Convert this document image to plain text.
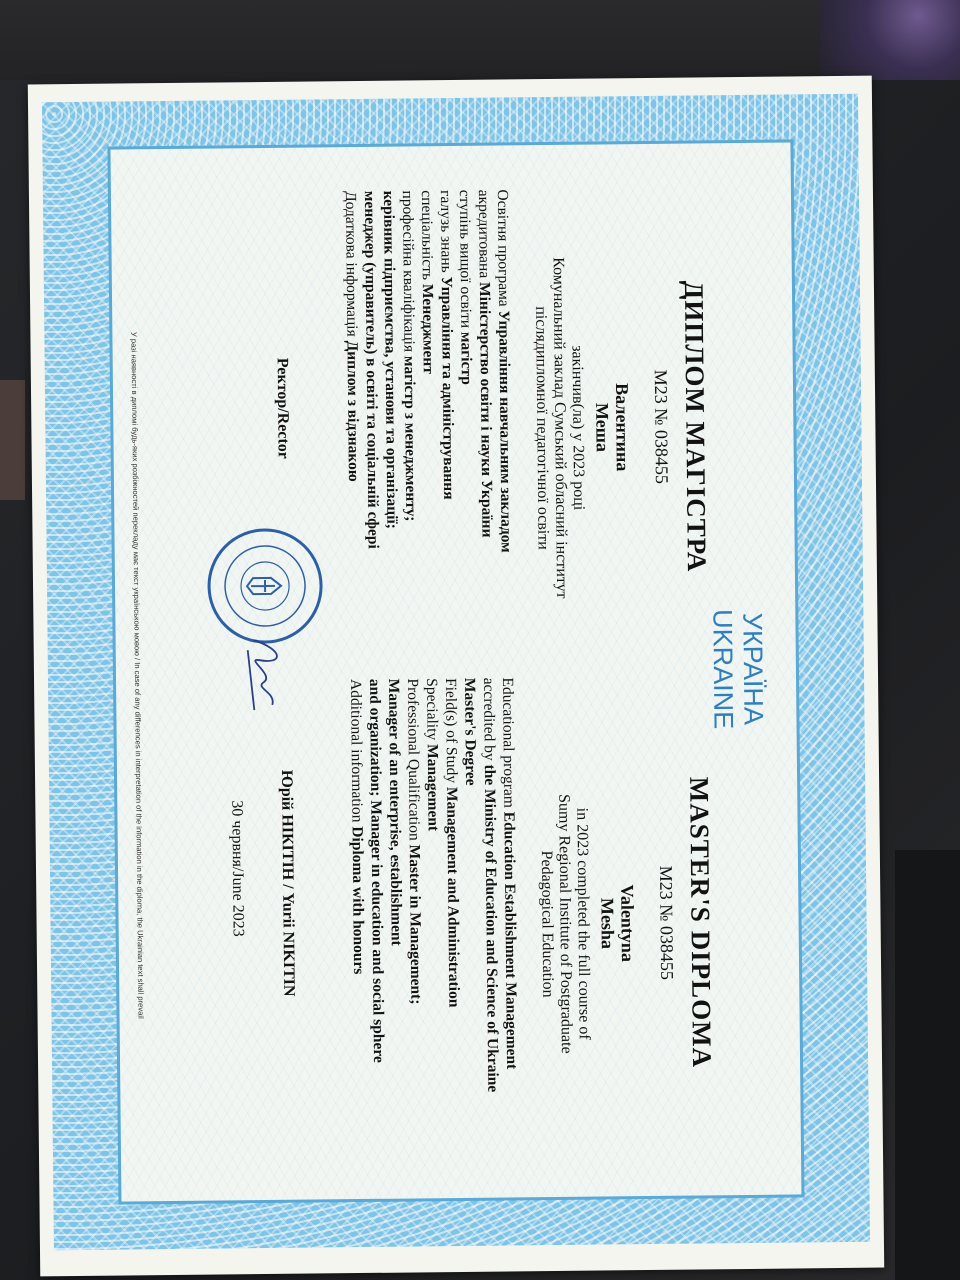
УКРАЇНА
UKRAINE
ДИПЛОМ МАГІСТРА
M23 № 038455
Валентина
Меша
закінчив(ла) у 2023 році
Комунальний заклад Сумський обласний інститут
післядипломної педагогічної освіти
Освітня програма Управління навчальним закладом
акредитована Міністерство освіти і науки України
ступінь вищої освіти магістр
галузь знань Управління та адміністрування
спеціальність Менеджмент
професійна кваліфікація магістр з менеджменту;
керівник підприємства, установи та організації;
менеджер (управитель) в освіті та соціальній сфері
Додаткова інформація Диплом з відзнакою
Ректор/Rector
MASTER'S DIPLOMA
M23 № 038455
Valentyna
Mesha
in 2023 completed the full course of
Sumy Regional Institute of Postgraduate
Pedagogical Education
Educational program Education Establishment Management
accredited by the Ministry of Education and Science of Ukraine
Master's Degree
Field(s) of Study Management and Administration
Speciality Management
Professional Qualification Master in Management;
Manager of an enterprise, establishment
and organization; Manager in education and social sphere
Additional information Diploma with honours
Юрій НІКІТІН / Yurii NIKITIN
30 червня/June 2023
У разі наявності в дипломі будь-яких розбіжностей перекладу має текст українською мовою / In case of any differences in interpretation of the information in the diploma, the Ukrainian text shall prevail
